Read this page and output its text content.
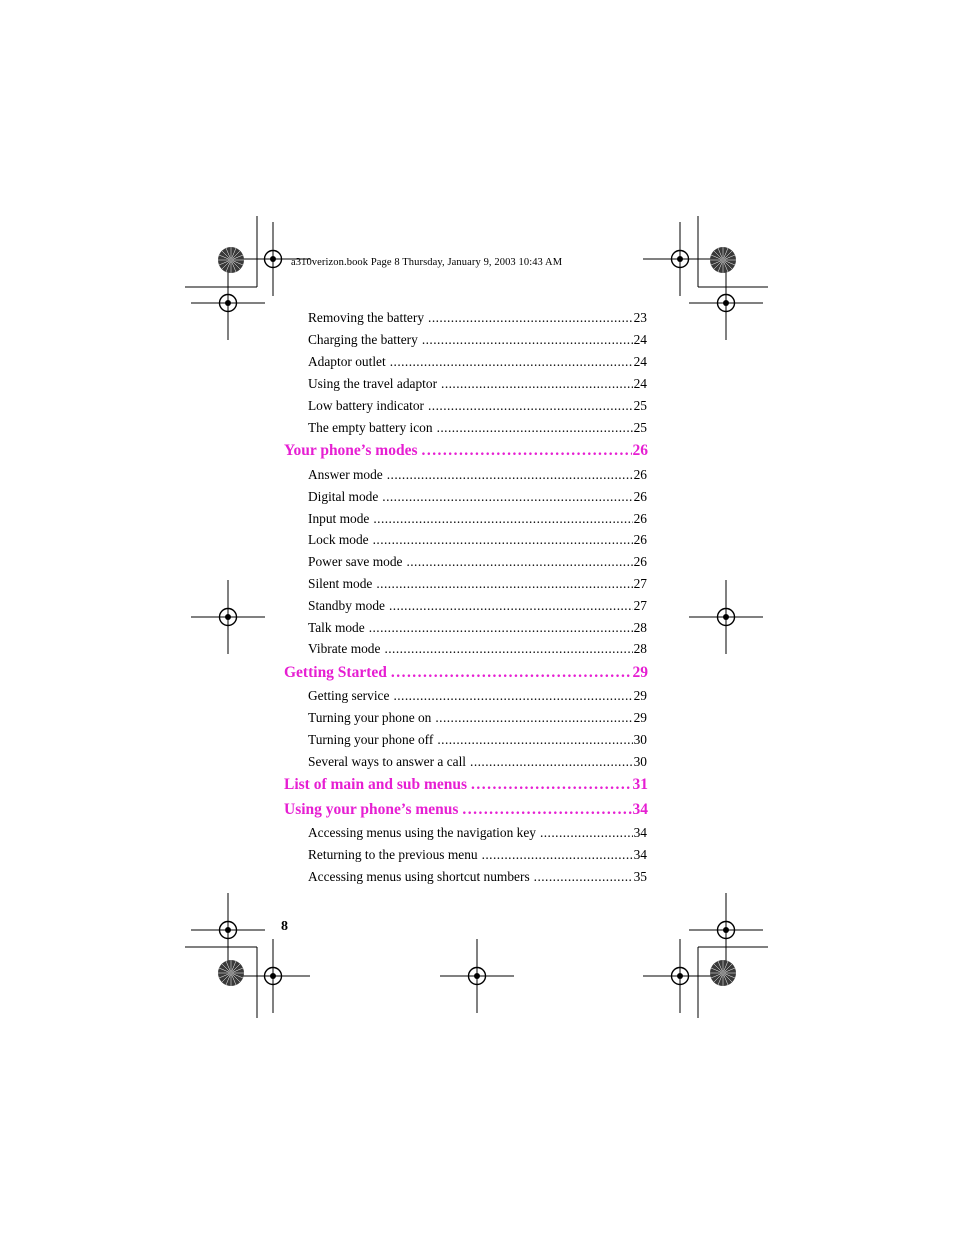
a310verizon.book Page 8 Thursday, January 9, 2003 10:43 AM
Removing the battery . . .	23
Charging the battery . . .	24
Adaptor outlet . . .	24
Using the travel adaptor . . .	24
Low battery indicator . . .	25
The empty battery icon . . .	25
Your phone’s modes . . .	26
Answer mode . . .	26
Digital mode . . .	26
Input mode . . .	26
Lock mode . . .	26
Power save mode . . .	26
Silent mode . . .	27
Standby mode . . .	27
Talk mode . . .	28
Vibrate mode . . .	28
Getting Started . . .	29
Getting service . . .	29
Turning your phone on . . .	29
Turning your phone off . . .	30
Several ways to answer a call . . .	30
List of main and sub menus . . .	31
Using your phone’s menus . . .	34
Accessing menus using the navigation key . . .	34
Returning to the previous menu . . .	34
Accessing menus using shortcut numbers . . .	35
8
